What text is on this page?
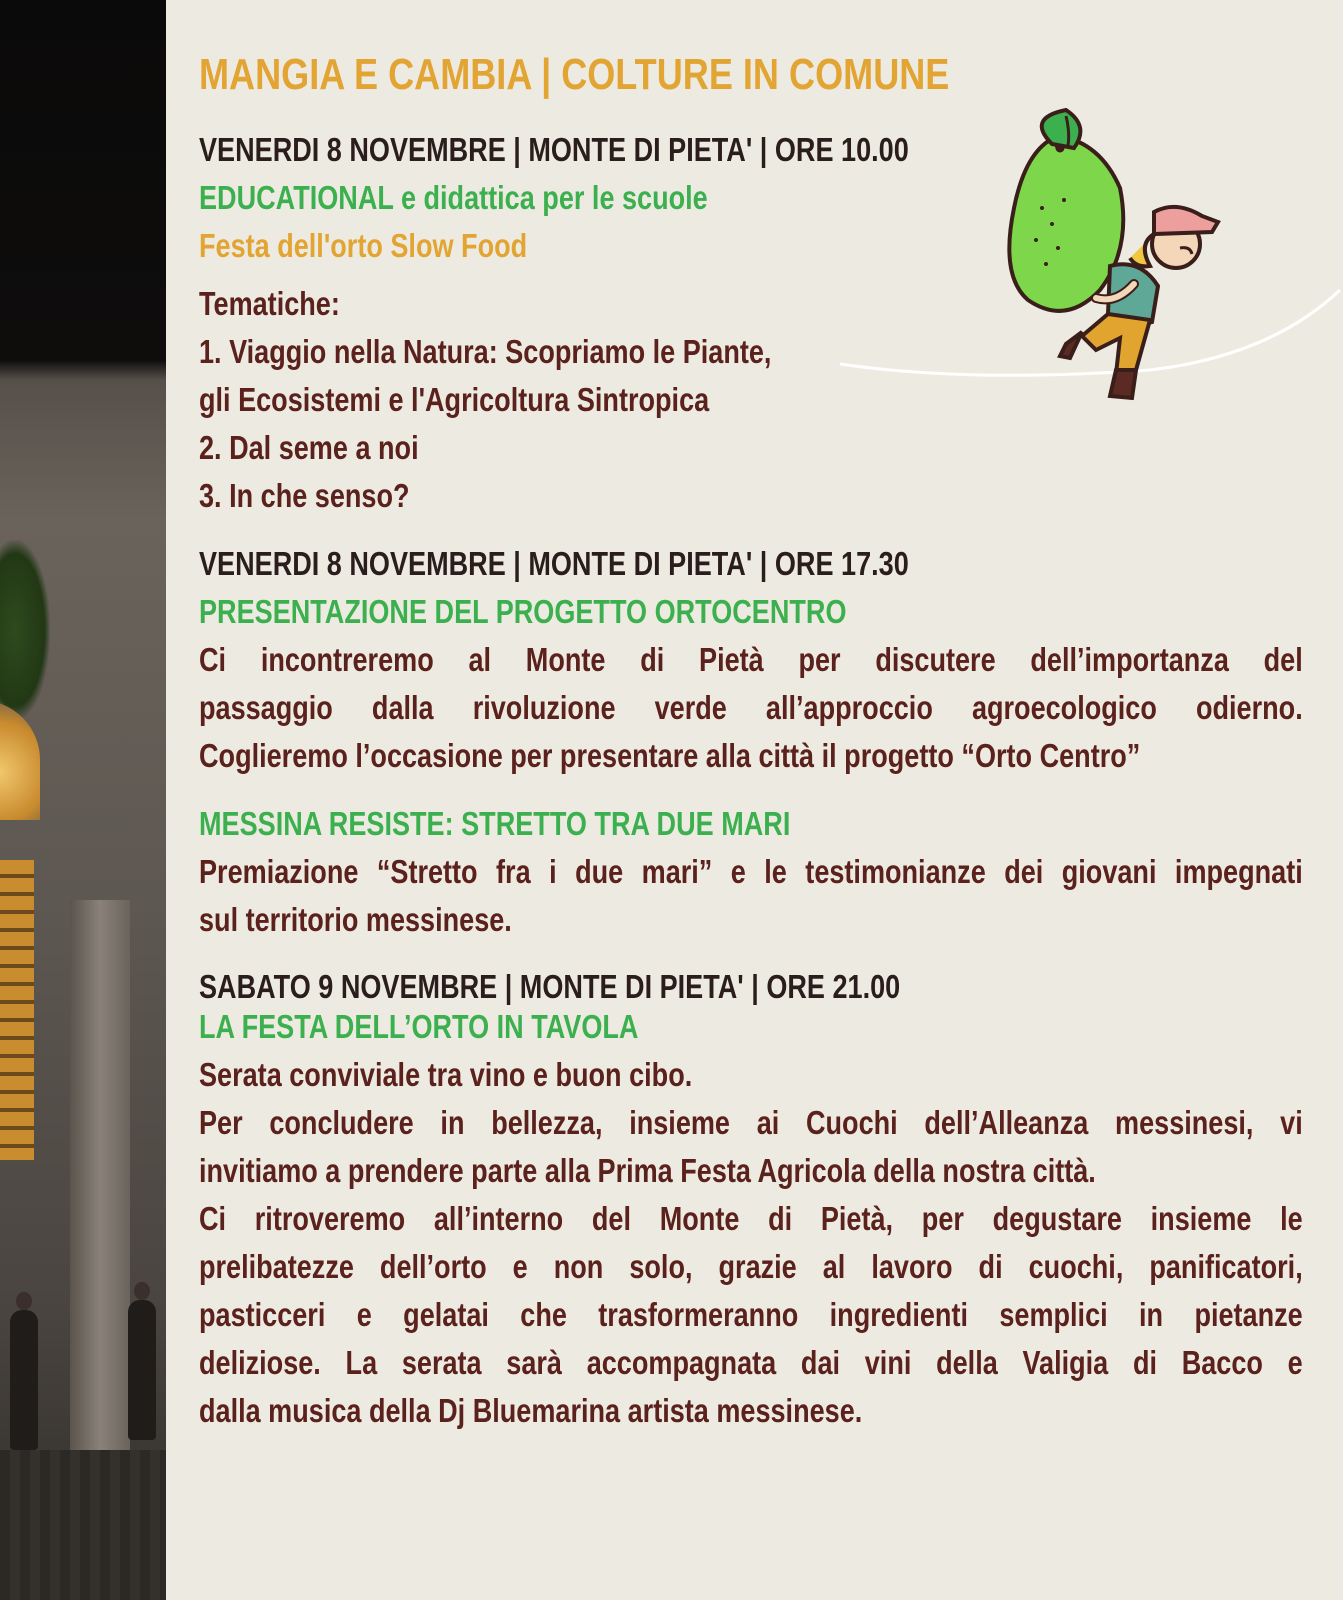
MANGIA E CAMBIA | COLTURE IN COMUNE
VENERDI 8 NOVEMBRE | MONTE DI PIETA' | ORE 10.00
EDUCATIONAL e didattica per le scuole
Festa dell'orto Slow Food
Tematiche:
1. Viaggio nella Natura: Scopriamo le Piante,
gli Ecosistemi e l'Agricoltura Sintropica
2. Dal seme a noi
3. In che senso?
VENERDI 8 NOVEMBRE | MONTE DI PIETA' | ORE 17.30
PRESENTAZIONE DEL PROGETTO ORTOCENTRO
Ci incontreremo al Monte di Pietà per discutere dell’importanza del
passaggio dalla rivoluzione verde all’approccio agroecologico odierno.
Coglieremo l’occasione per presentare alla città il progetto “Orto Centro”
MESSINA RESISTE: STRETTO TRA DUE MARI
Premiazione “Stretto fra i due mari” e le testimonianze dei giovani impegnati
sul territorio messinese.
SABATO 9 NOVEMBRE | MONTE DI PIETA' | ORE 21.00
LA FESTA DELL’ORTO IN TAVOLA
Serata conviviale tra vino e buon cibo.
Per concludere in bellezza, insieme ai Cuochi dell’Alleanza messinesi, vi
invitiamo a prendere parte alla Prima Festa Agricola della nostra città.
Ci ritroveremo all’interno del Monte di Pietà, per degustare insieme le
prelibatezze dell’orto e non solo, grazie al lavoro di cuochi, panificatori,
pasticceri e gelatai che trasformeranno ingredienti semplici in pietanze
deliziose. La serata sarà accompagnata dai vini della Valigia di Bacco e
dalla musica della Dj Bluemarina artista messinese.
